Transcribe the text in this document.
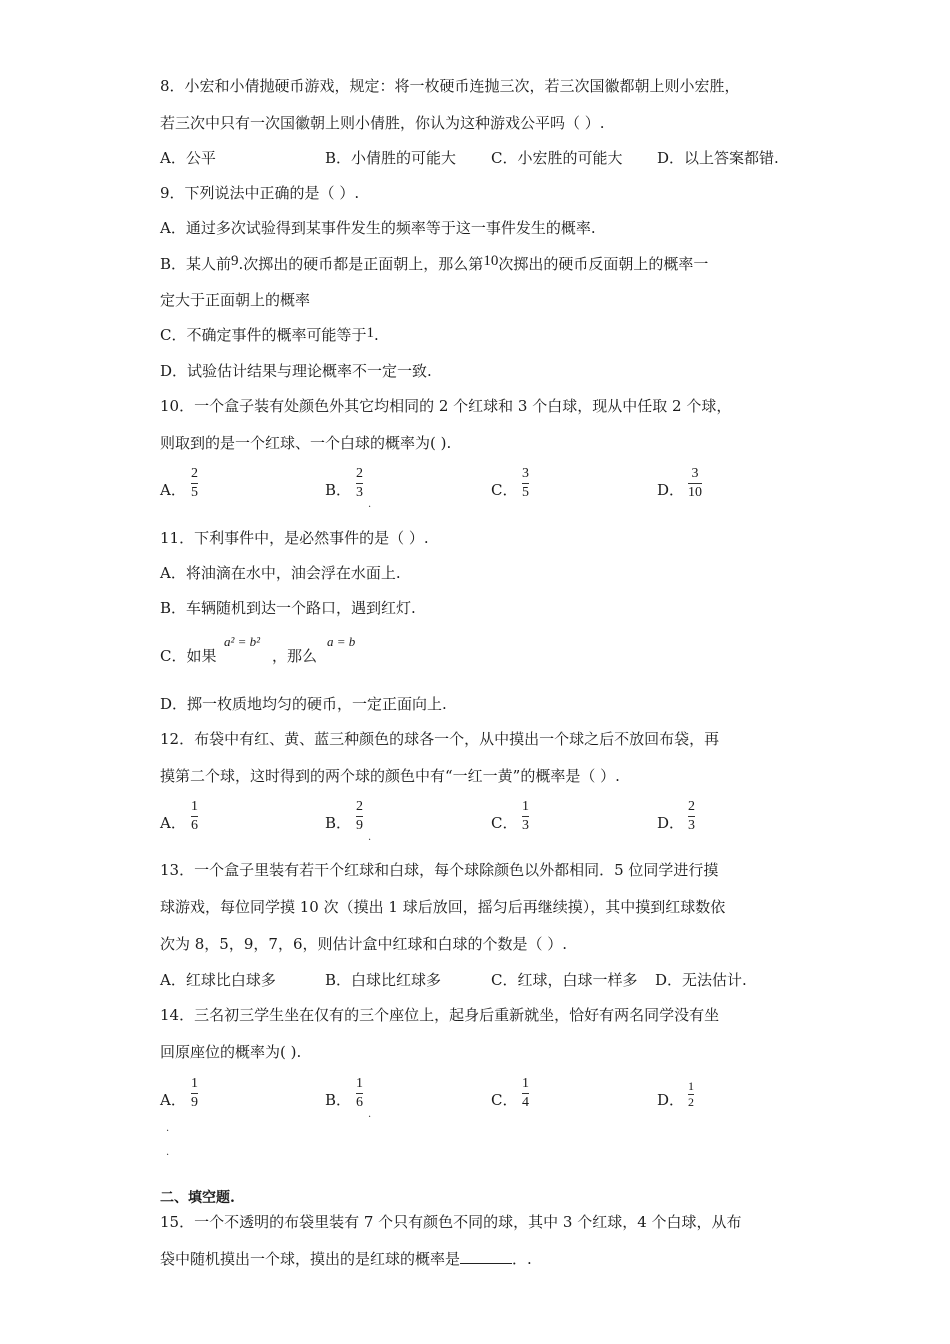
8．小宏和小倩抛硬币游戏，规定：将一枚硬币连抛三次，若三次国徽都朝上则小宏胜，
若三次中只有一次国徽朝上则小倩胜，你认为这种游戏公平吗（ ）.
A．公平	B．小倩胜的可能大 C．小宏胜的可能大 D．以上答案都错.
9．下列说法中正确的是（ ）.
A．通过多次试验得到某事件发生的频率等于这一事件发生的概率.
B．某人前9.次掷出的硬币都是正面朝上，那么第10次掷出的硬币反面朝上的概率一
定大于正面朝上的概率
C．不确定事件的概率可能等于1.
D．试验估计结果与理论概率不一定一致.
10．一个盒子装有处颜色外其它均相同的 2 个红球和 3 个白球，现从中任取 2 个球，
则取到的是一个红球、一个白球的概率为( ).
A．
2
5	B．
2
3
.
C．
3
5	D．
3
10
11．下利事件中，是必然事件的是（ ）.
A．将油滴在水中，油会浮在水面上.
B．车辆随机到达一个路口，遇到红灯.
C．如果
a² = b²
，那么
a = b
D．掷一枚质地均匀的硬币，一定正面向上.
12．布袋中有红、黄、蓝三种颜色的球各一个，从中摸出一个球之后不放回布袋，再
摸第二个球，这时得到的两个球的颜色中有“一红一黄”的概率是（ ）.
A．
1
6	B．
2
9
.
C．
1
3	D．
2
3
13．一个盒子里装有若干个红球和白球，每个球除颜色以外都相同．5 位同学进行摸
球游戏，每位同学摸 10 次（摸出 1 球后放回，摇匀后再继续摸），其中摸到红球数依
次为 8，5，9，7，6，则估计盒中红球和白球的个数是（ ）.
A．红球比白球多	B．白球比红球多	C．红球，白球一样多 D．无法估计.
14．三名初三学生坐在仅有的三个座位上，起身后重新就坐，恰好有两名同学没有坐
回原座位的概率为( ).
A．
1
9	B．
1
6
.
C．
1
4	D．
1
2
.
.
二、填空题.
15．一个不透明的布袋里装有 7 个只有颜色不同的球，其中 3 个红球，4 个白球，从布
袋中随机摸出一个球，摸出的是红球的概率是	．.
